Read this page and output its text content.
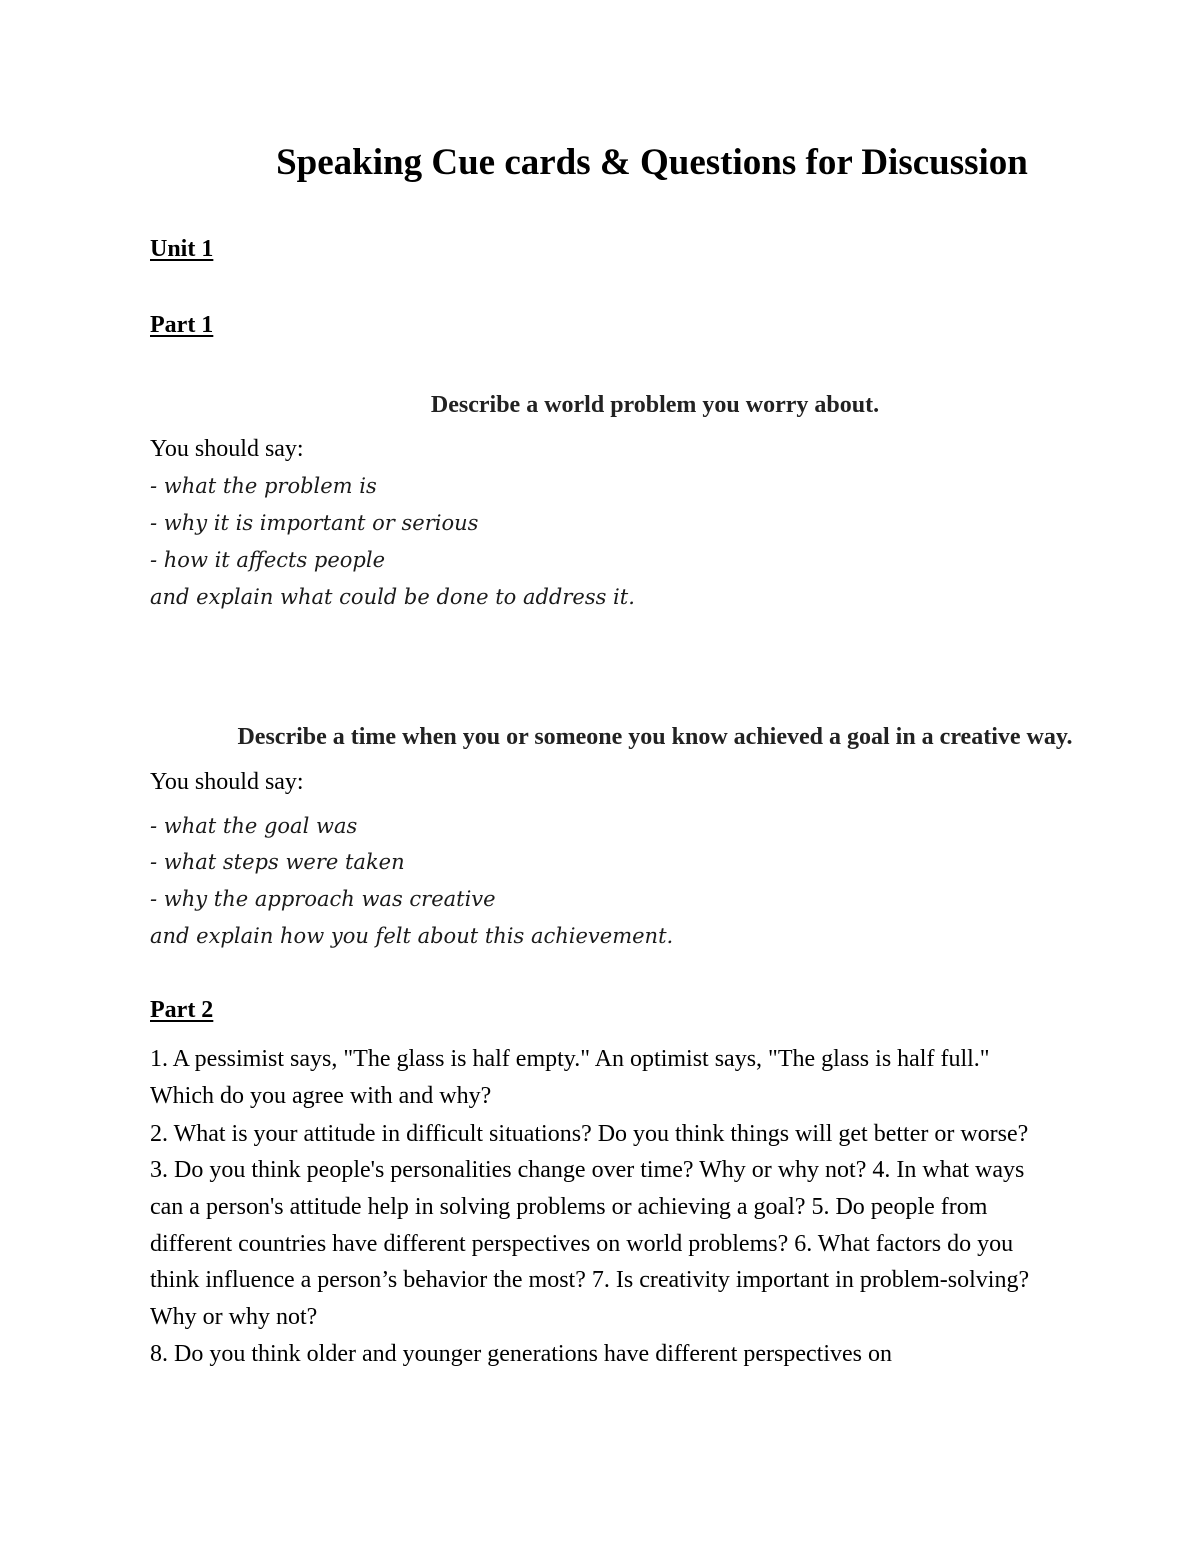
Speaking Cue cards & Questions for Discussion

Unit 1

Part 1

Describe a world problem you worry about.

You should say:

- what the problem is

- why it is important or serious

- how it affects people

and explain what could be done to address it.

Describe a time when you or someone you know achieved a goal in a creative way.

You should say:

- what the goal was

- what steps were taken

- why the approach was creative

and explain how you felt about this achievement.

Part 2

1. A pessimist says, "The glass is half empty." An optimist says, "The glass is half full."

Which do you agree with and why?

2. What is your attitude in difficult situations? Do you think things will get better or worse?

3. Do you think people's personalities change over time? Why or why not? 4. In what ways

can a person's attitude help in solving problems or achieving a goal? 5. Do people from

different countries have different perspectives on world problems? 6. What factors do you

think influence a person’s behavior the most? 7. Is creativity important in problem-solving?

Why or why not?

8. Do you think older and younger generations have different perspectives on
